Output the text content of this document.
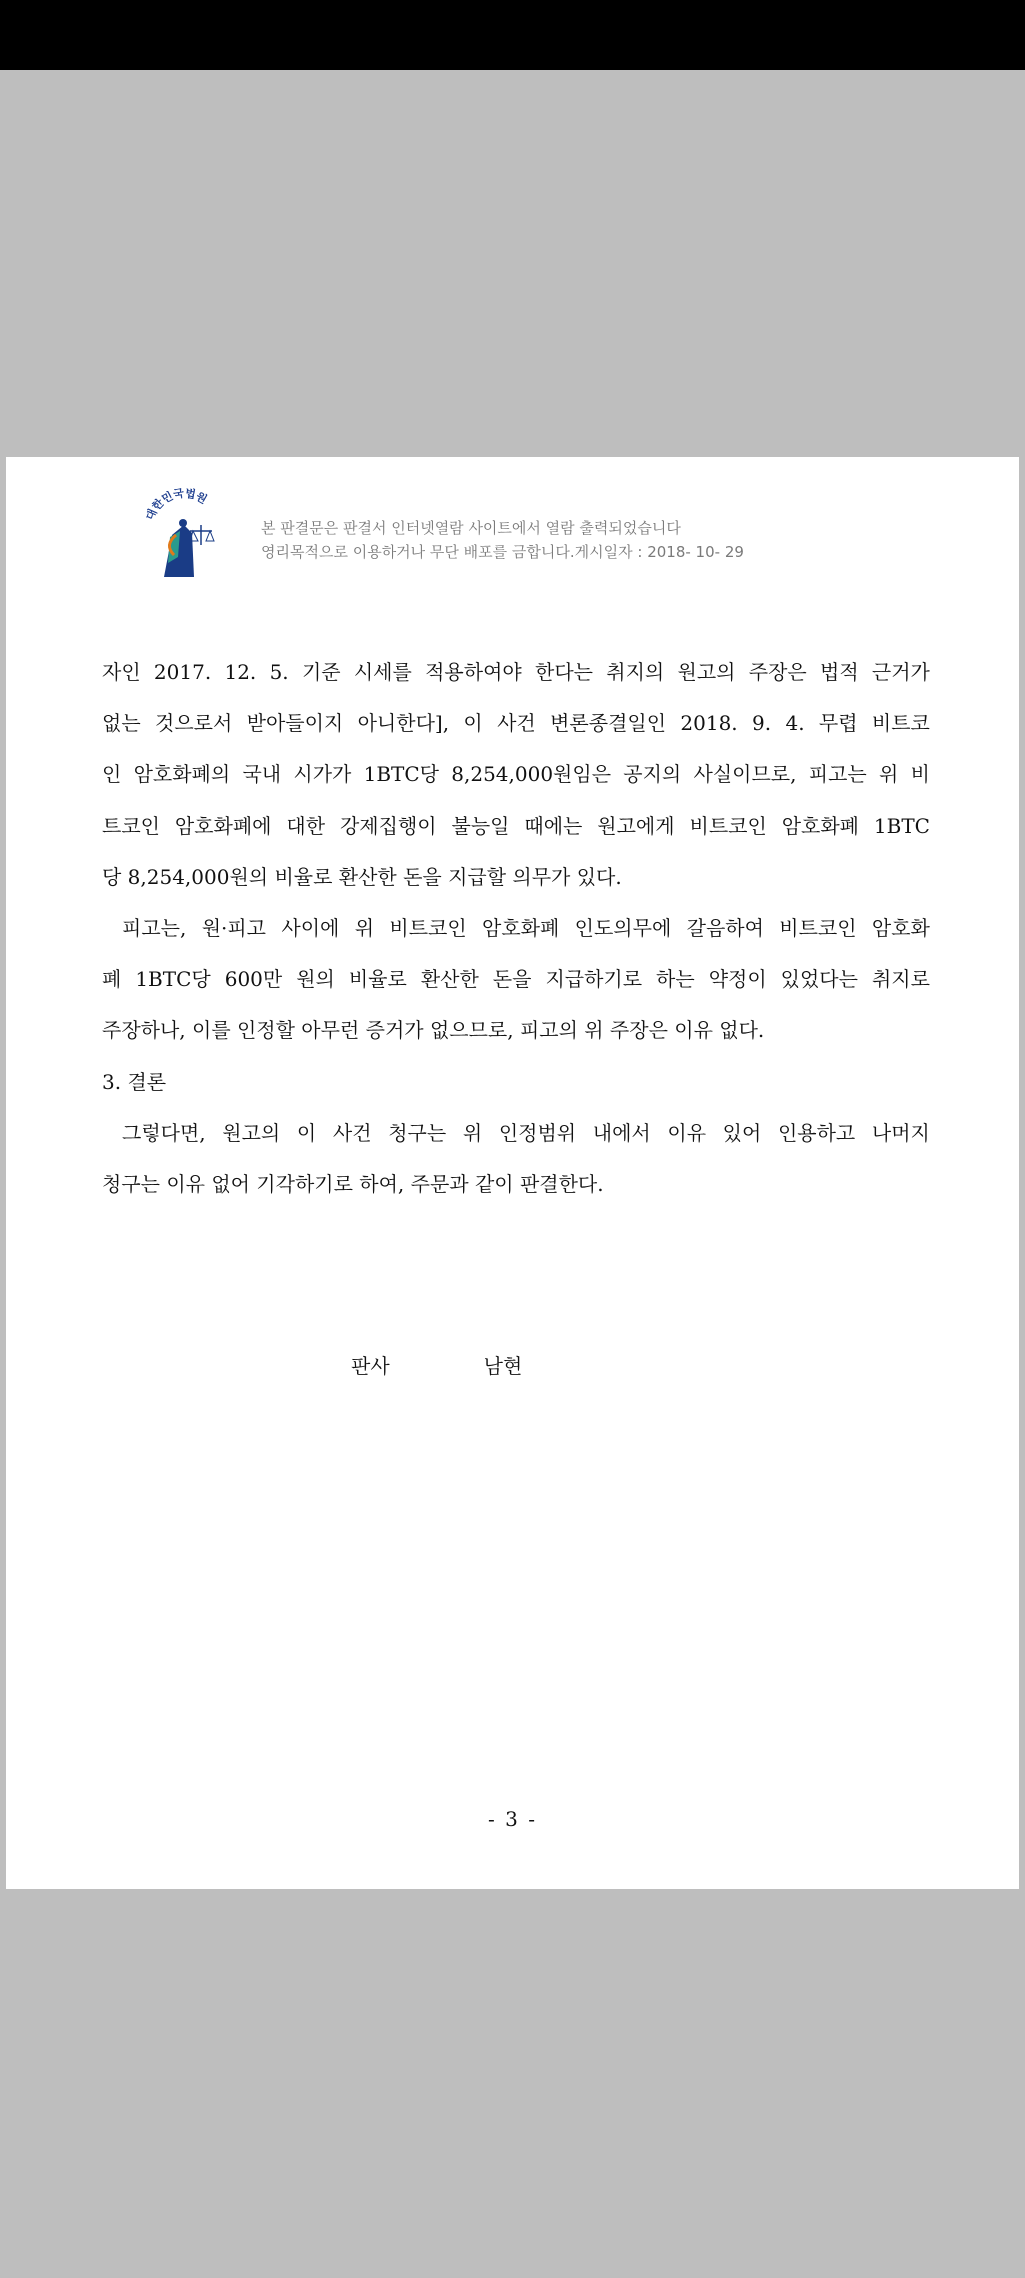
대한민국법원
본 판결문은 판결서 인터넷열람 사이트에서 열람 출력되었습니다
영리목적으로 이용하거나 무단 배포를 금합니다.게시일자 : 2018- 10- 29
자인 2017. 12. 5. 기준 시세를 적용하여야 한다는 취지의 원고의 주장은 법적 근거가
없는 것으로서 받아들이지 아니한다], 이 사건 변론종결일인 2018. 9. 4. 무렵 비트코
인 암호화폐의 국내 시가가 1BTC당 8,254,000원임은 공지의 사실이므로, 피고는 위 비
트코인 암호화폐에 대한 강제집행이 불능일 때에는 원고에게 비트코인 암호화폐 1BTC
당 8,254,000원의 비율로 환산한 돈을 지급할 의무가 있다.
피고는, 원·피고 사이에 위 비트코인 암호화폐 인도의무에 갈음하여 비트코인 암호화
폐 1BTC당 600만 원의 비율로 환산한 돈을 지급하기로 하는 약정이 있었다는 취지로
주장하나, 이를 인정할 아무런 증거가 없으므로, 피고의 위 주장은 이유 없다.
3. 결론
그렇다면, 원고의 이 사건 청구는 위 인정범위 내에서 이유 있어 인용하고 나머지
청구는 이유 없어 기각하기로 하여, 주문과 같이 판결한다.
판사	남현
- 3 -
